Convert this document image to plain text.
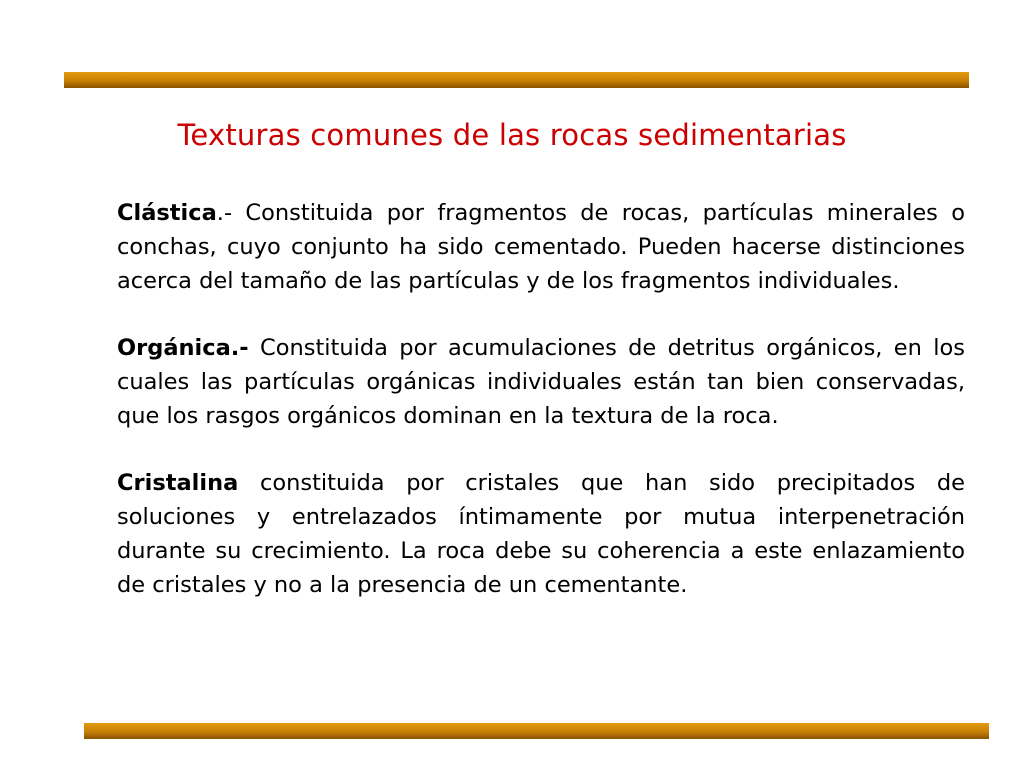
Texturas comunes de las rocas sedimentarias

Clástica.- Constituida por fragmentos de rocas, partículas minerales o conchas, cuyo conjunto ha sido cementado. Pueden hacerse distinciones acerca del tamaño de las partículas y de los fragmentos individuales.

Orgánica.- Constituida por acumulaciones de detritus orgánicos, en los cuales las partículas orgánicas individuales están tan bien conservadas, que los rasgos orgánicos dominan en la textura de la roca.

Cristalina constituida por cristales que han sido precipitados de soluciones y entrelazados íntimamente por mutua interpenetración durante su crecimiento. La roca debe su coherencia a este enlazamiento de cristales y no a la presencia de un cementante.
